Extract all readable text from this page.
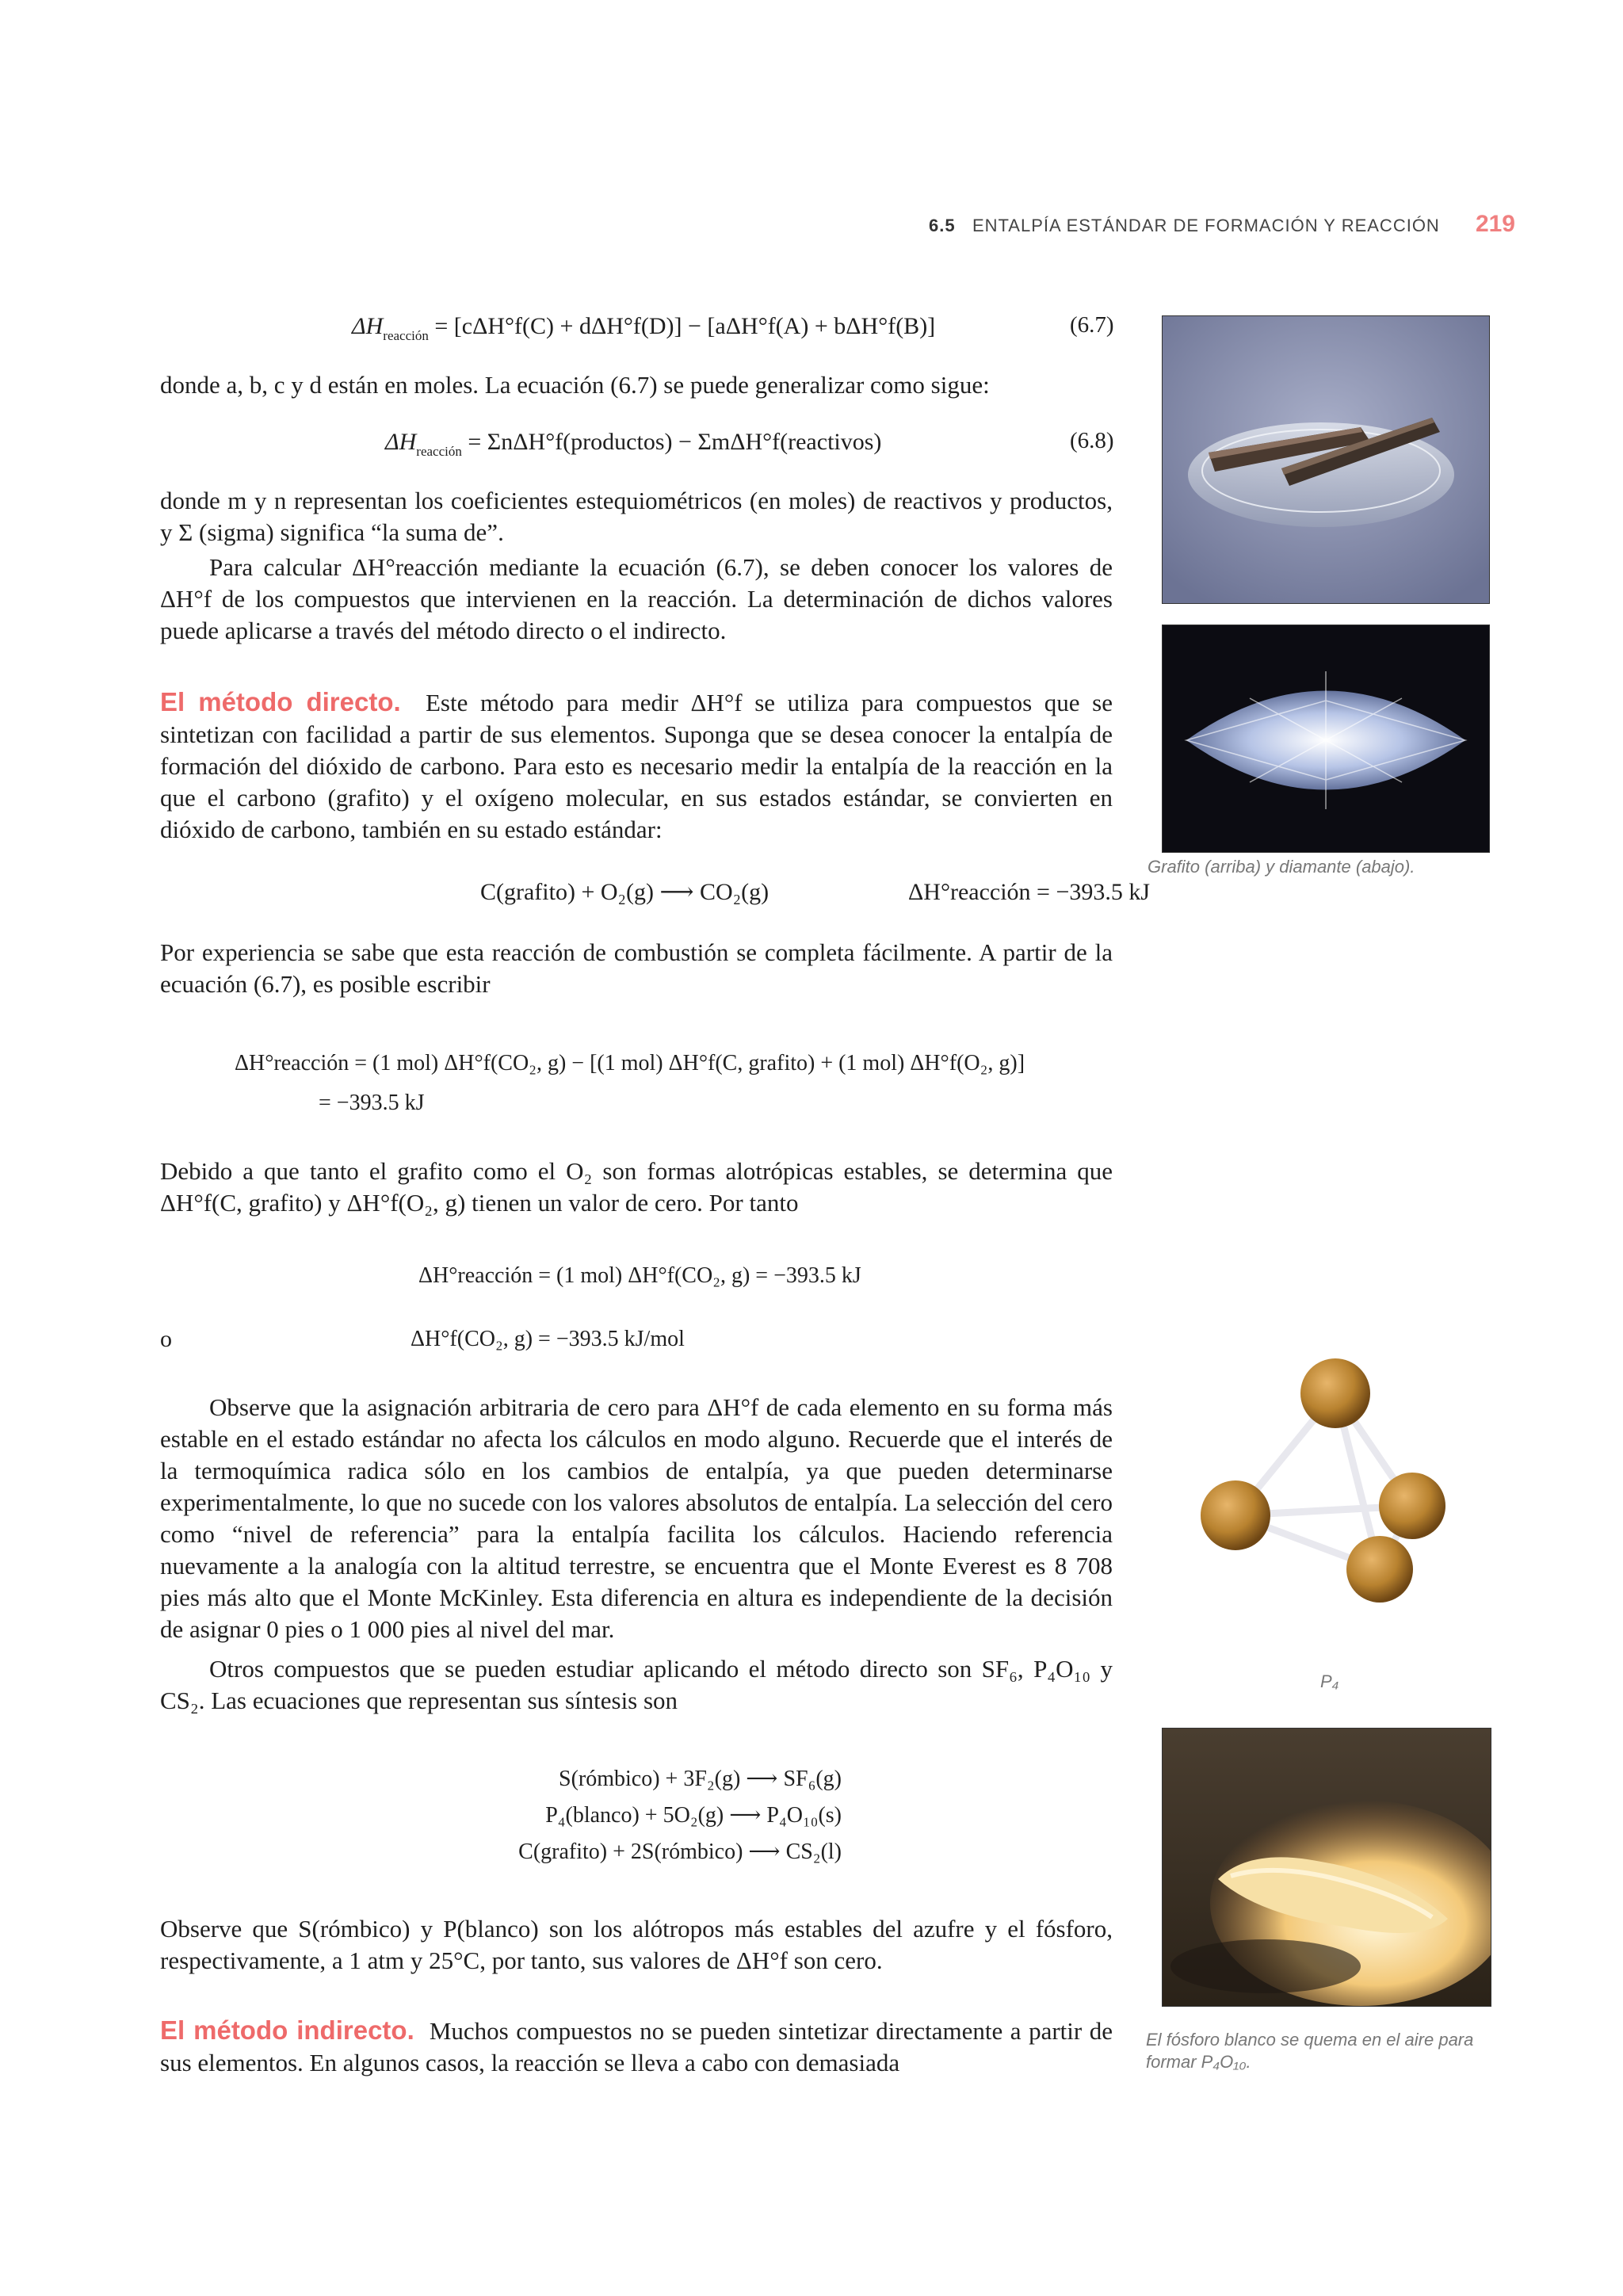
6.5 ENTALPÍA ESTÁNDAR DE FORMACIÓN Y REACCIÓN 219
$\Delta H_{reacción} = [c\Delta H^\circ f(C) + d\Delta H^\circ f(D)] - [a\Delta H^\circ f(A) + b\Delta H^\circ f(B)]$	(6.7)
donde a, b, c y d están en moles. La ecuación (6.7) se puede generalizar como sigue:
$\Delta H_{reacción}$ = ΣnΔH°f(productos) − ΣmΔH°f(reactivos)	(6.8)
donde m y n representan los coeficientes estequiométricos (en moles) de reactivos y productos, y Σ (sigma) significa “la suma de”.
Para calcular ΔH°reacción mediante la ecuación (6.7), se deben conocer los valores de ΔH°f de los compuestos que intervienen en la reacción. La determinación de dichos valores puede aplicarse a través del método directo o el indirecto.
El método directo. Este método para medir ΔH°f se utiliza para compuestos que se sintetizan con facilidad a partir de sus elementos. Suponga que se desea conocer la entalpía de formación del dióxido de carbono. Para esto es necesario medir la entalpía de la reacción en la que el carbono (grafito) y el oxígeno molecular, en sus estados estándar, se convierten en dióxido de carbono, también en su estado estándar:
C(grafito) + O₂(g) ⟶ CO₂(g)	ΔH°reacción = −393.5 kJ
Por experiencia se sabe que esta reacción de combustión se completa fácilmente. A partir de la ecuación (6.7), es posible escribir
ΔH°reacción = (1 mol) ΔH°f(CO₂, g) − [(1 mol) ΔH°f(C, grafito) + (1 mol) ΔH°f(O₂, g)]
= −393.5 kJ
Debido a que tanto el grafito como el O₂ son formas alotrópicas estables, se determina que ΔH°f(C, grafito) y ΔH°f(O₂, g) tienen un valor de cero. Por tanto
ΔH°reacción = (1 mol) ΔH°f(CO₂, g) = −393.5 kJ
o	ΔH°f(CO₂, g) = −393.5 kJ/mol
Observe que la asignación arbitraria de cero para ΔH°f de cada elemento en su forma más estable en el estado estándar no afecta los cálculos en modo alguno. Recuerde que el interés de la termoquímica radica sólo en los cambios de entalpía, ya que pueden determinarse experimentalmente, lo que no sucede con los valores absolutos de entalpía. La selección del cero como “nivel de referencia” para la entalpía facilita los cálculos. Haciendo referencia nuevamente a la analogía con la altitud terrestre, se encuentra que el Monte Everest es 8 708 pies más alto que el Monte McKinley. Esta diferencia en altura es independiente de la decisión de asignar 0 pies o 1 000 pies al nivel del mar.
Otros compuestos que se pueden estudiar aplicando el método directo son SF₆, P₄O₁₀ y CS₂. Las ecuaciones que representan sus síntesis son
S(rómbico) + 3F₂(g) ⟶ SF₆(g)
P₄(blanco) + 5O₂(g) ⟶ P₄O₁₀(s)
C(grafito) + 2S(rómbico) ⟶ CS₂(l)
Observe que S(rómbico) y P(blanco) son los alótropos más estables del azufre y el fósforo, respectivamente, a 1 atm y 25°C, por tanto, sus valores de ΔH°f son cero.
El método indirecto. Muchos compuestos no se pueden sintetizar directamente a partir de sus elementos. En algunos casos, la reacción se lleva a cabo con demasiada
Grafito (arriba) y diamante (abajo).
P₄
El fósforo blanco se quema en el aire para formar P₄O₁₀.
